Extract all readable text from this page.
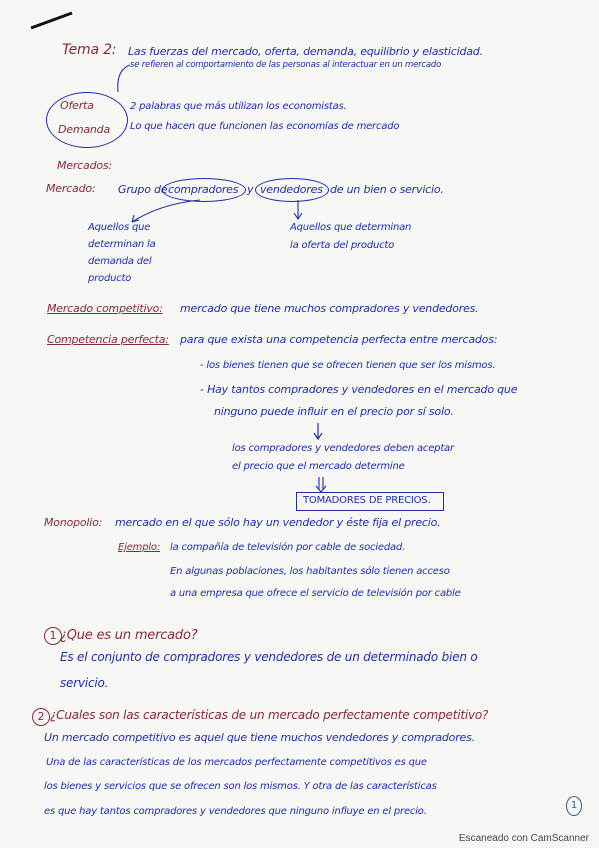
Tema 2: Las fuerzas del mercado, oferta, demanda, equilibrio y elasticidad.
se refieren al comportamiento de las personas al interactuar en un mercado
Oferta
Demanda
2 palabras que más utilizan los economistas.
Lo que hacen que funcionen las economías de mercado
Mercados:
Mercado: Grupo de compradores y vendedores de un bien o servicio.
Aquellos que
determinan la
demanda del
producto
Aquellos que determinan
la oferta del producto
Mercado competitivo: mercado que tiene muchos compradores y vendedores.
Competencia perfecta: para que exista una competencia perfecta entre mercados:
- los bienes tienen que se ofrecen tienen que ser los mismos.
- Hay tantos compradores y vendedores en el mercado que
ninguno puede influir en el precio por sí solo.
los compradores y vendedores deben aceptar
el precio que el mercado determine
TOMADORES DE PRECIOS.
Monopolio: mercado en el que sólo hay un vendedor y éste fija el precio.
Ejemplo: la compañía de televisión por cable de sociedad.
En algunas poblaciones, los habitantes sólo tienen acceso
a una empresa que ofrece el servicio de televisión por cable
1 ¿Que es un mercado?
Es el conjunto de compradores y vendedores de un determinado bien o
servicio.
2 ¿Cuales son las características de un mercado perfectamente competitivo?
Un mercado competitivo es aquel que tiene muchos vendedores y compradores.
Una de las características de los mercados perfectamente competitivos es que
los bienes y servicios que se ofrecen son los mismos. Y otra de las características
es que hay tantos compradores y vendedores que ninguno influye en el precio.
1
Escaneado con CamScanner
